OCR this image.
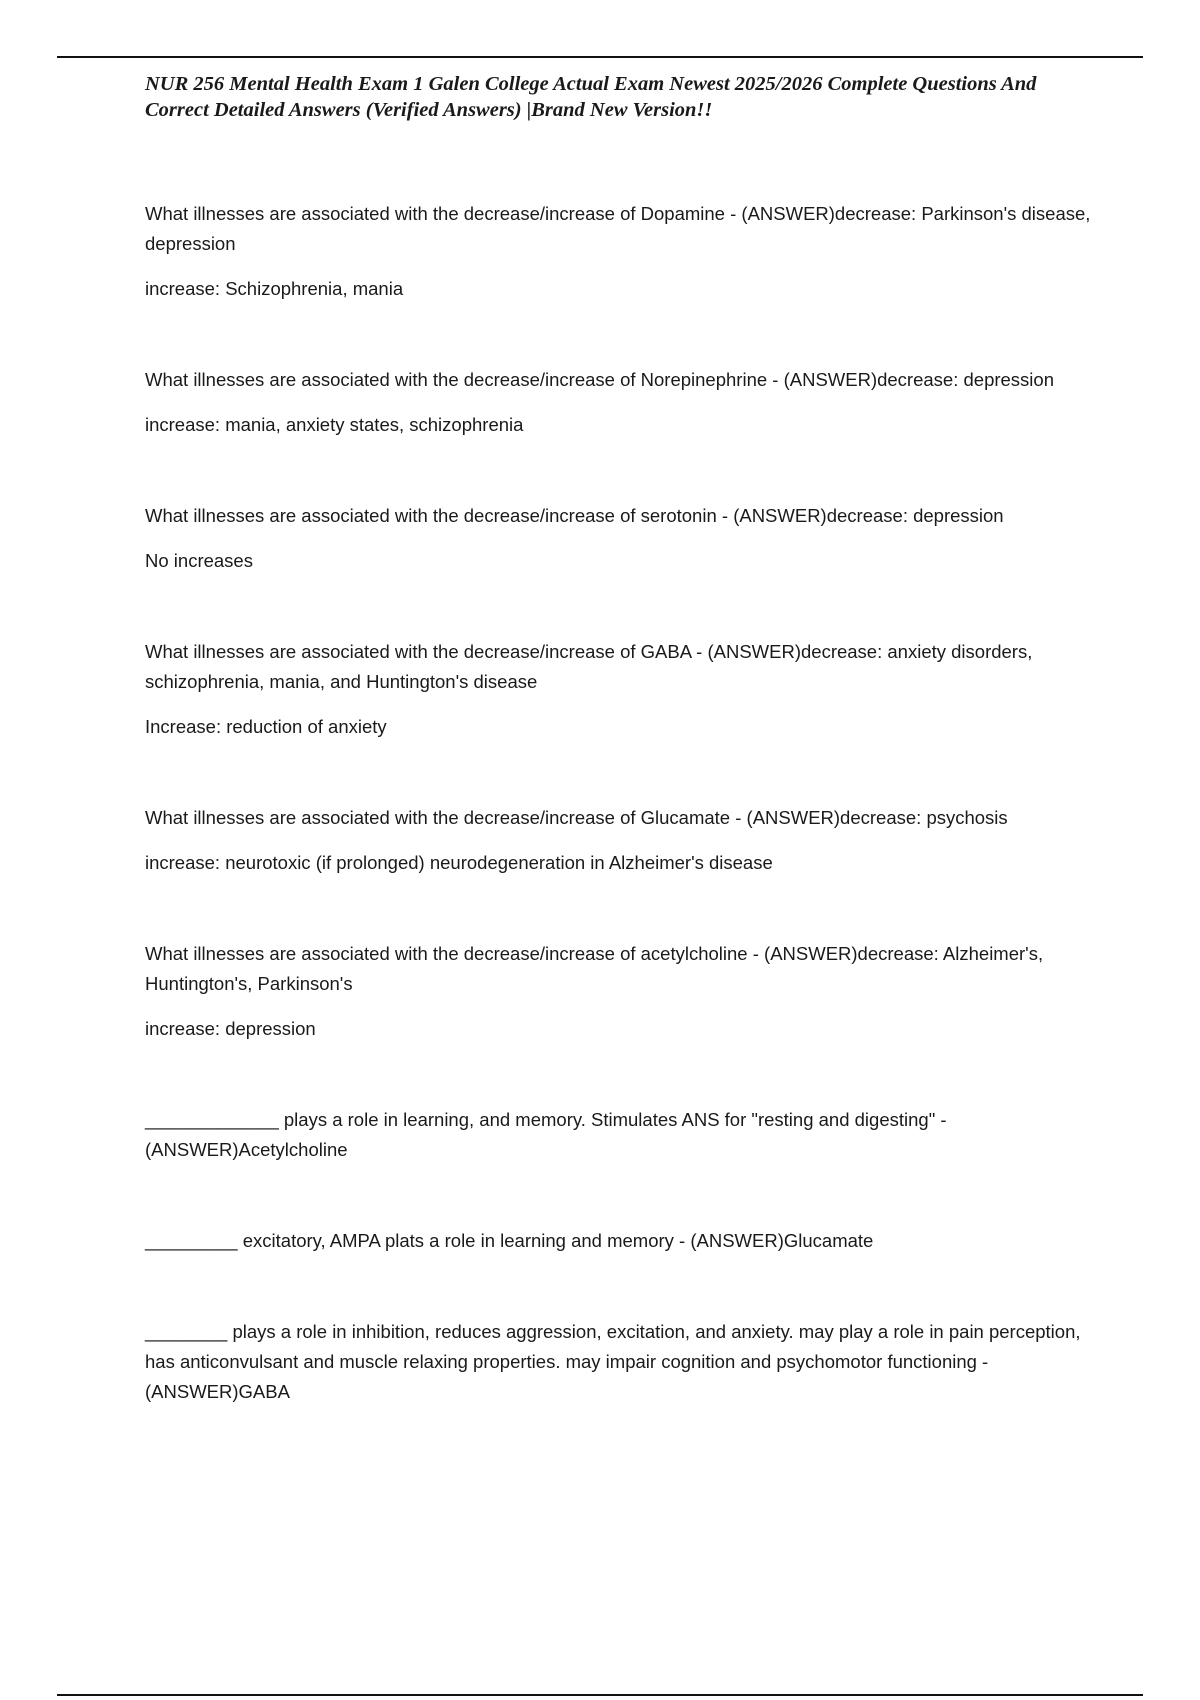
NUR 256 Mental Health Exam 1 Galen College Actual Exam Newest 2025/2026 Complete Questions And Correct Detailed Answers (Verified Answers) |Brand New Version!!

What illnesses are associated with the decrease/increase of Dopamine - (ANSWER)decrease: Parkinson's disease, depression

increase: Schizophrenia, mania

What illnesses are associated with the decrease/increase of Norepinephrine - (ANSWER)decrease: depression

increase: mania, anxiety states, schizophrenia

What illnesses are associated with the decrease/increase of serotonin - (ANSWER)decrease: depression

No increases

What illnesses are associated with the decrease/increase of GABA - (ANSWER)decrease: anxiety disorders, schizophrenia, mania, and Huntington's disease

Increase: reduction of anxiety

What illnesses are associated with the decrease/increase of Glucamate - (ANSWER)decrease: psychosis

increase: neurotoxic (if prolonged) neurodegeneration in Alzheimer's disease

What illnesses are associated with the decrease/increase of acetylcholine - (ANSWER)decrease: Alzheimer's, Huntington's, Parkinson's

increase: depression

_____________ plays a role in learning, and memory. Stimulates ANS for "resting and digesting" - (ANSWER)Acetylcholine

_________ excitatory, AMPA plats a role in learning and memory - (ANSWER)Glucamate

________ plays a role in inhibition, reduces aggression, excitation, and anxiety. may play a role in pain perception, has anticonvulsant and muscle relaxing properties. may impair cognition and psychomotor functioning - (ANSWER)GABA
